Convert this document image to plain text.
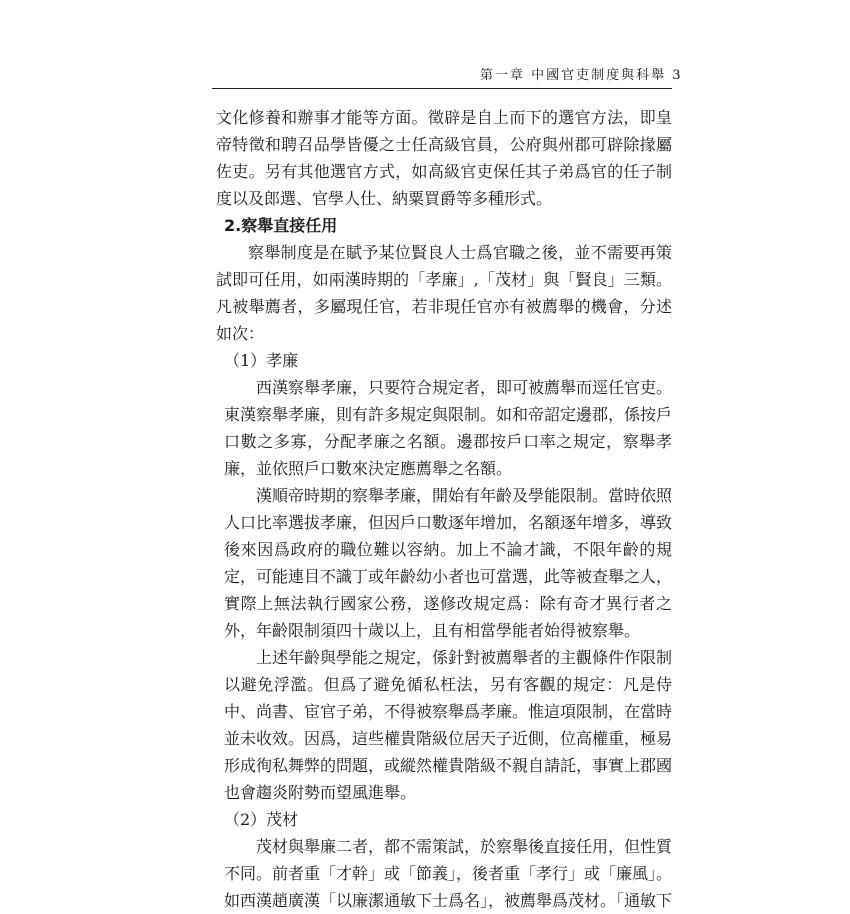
第一章 中國官吏制度與科舉 3

文化修養和辦事才能等方面。徵辟是自上而下的選官方法，即皇帝特徵和聘召品學皆優之士任高級官員，公府與州郡可辟除掾屬佐吏。另有其他選官方式，如高級官吏保任其子弟爲官的任子制度以及郎選、官學人仕、納粟買爵等多種形式。

2.察舉直接任用

察舉制度是在賦予某位賢良人士爲官職之後，並不需要再策試即可任用，如兩漢時期的「孝廉」,「茂材」與「賢良」三類。凡被舉薦者，多屬現任官，若非現任官亦有被薦舉的機會，分述如次：

（1）孝廉

西漢察舉孝廉，只要符合規定者，即可被薦舉而逕任官吏。東漢察舉孝廉，則有許多規定與限制。如和帝詔定邊郡，係按戶口數之多寡，分配孝廉之名額。邊郡按戶口率之規定，察舉孝廉，並依照戶口數來決定應薦舉之名額。

漢順帝時期的察舉孝廉，開始有年齡及學能限制。當時依照人口比率選拔孝廉，但因戶口數逐年增加，名額逐年增多，導致後來因爲政府的職位難以容納。加上不論才識，不限年齡的規定，可能連目不識丁或年齡幼小者也可當選，此等被查舉之人，實際上無法執行國家公務，遂修改規定爲：除有奇才異行者之外，年齡限制須四十歲以上，且有相當學能者始得被察舉。

上述年齡與學能之規定，係針對被薦舉者的主觀條件作限制以避免浮濫。但爲了避免循私枉法，另有客觀的規定：凡是侍中、尚書、宦官子弟，不得被察舉爲孝廉。惟這項限制，在當時並未收效。因爲，這些權貴階級位居天子近側，位高權重，極易形成徇私舞弊的問題，或縱然權貴階級不親自請託，事實上郡國也會趨炎附勢而望風進舉。

（2）茂材

茂材與舉廉二者，都不需策試，於察舉後直接任用，但性質不同。前者重「才幹」或「節義」，後者重「孝行」或「廉風」。如西漢趙廣漢「以廉潔通敏下士爲名」，被薦舉爲茂材。「通敏下
